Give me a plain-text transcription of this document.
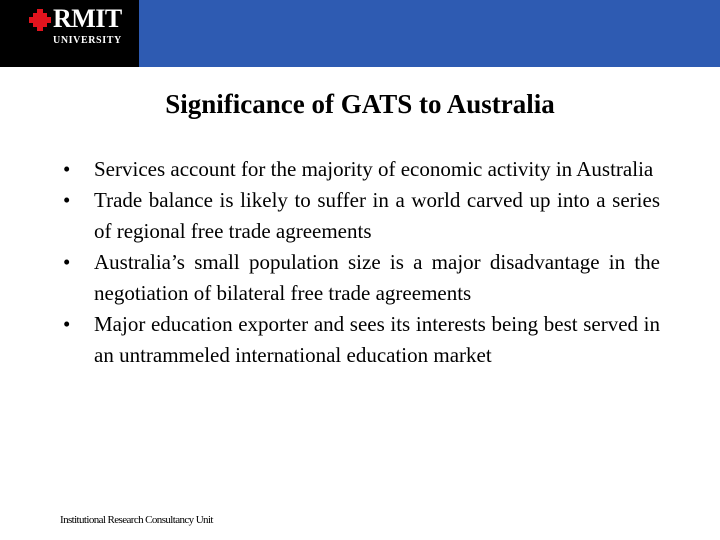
RMIT
UNIVERSITY
Significance of GATS to Australia
•	Services account for the majority of economic activity in Australia
•	Trade balance is likely to suffer in a world carved up into a series of regional free trade agreements
•	Australia’s small population size is a major disadvantage in the negotiation of bilateral free trade agreements
•	Major education exporter and sees its interests being best served in an untrammeled international education market
Institutional Research Consultancy Unit
